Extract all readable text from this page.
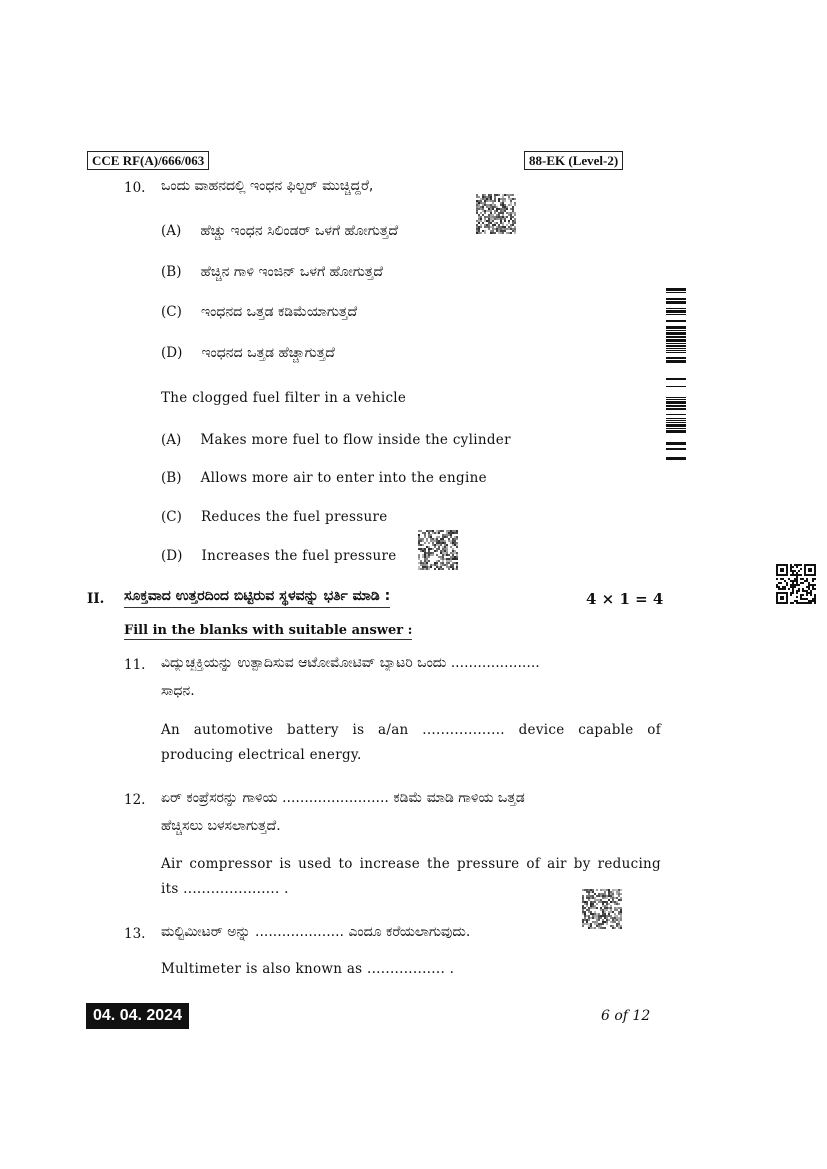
CCE RF(A)/666/063	88-EK (Level-2)
10. ಒಂದು ವಾಹನದಲ್ಲಿ ಇಂಧನ ಫಿಲ್ಟರ್ ಮುಚ್ಚಿದ್ದರೆ,
(A) ಹೆಚ್ಚು ಇಂಧನ ಸಿಲಿಂಡರ್ ಒಳಗೆ ಹೋಗುತ್ತದೆ
(B) ಹೆಚ್ಚಿನ ಗಾಳಿ ಇಂಜಿನ್ ಒಳಗೆ ಹೋಗುತ್ತದೆ
(C) ಇಂಧನದ ಒತ್ತಡ ಕಡಿಮೆಯಾಗುತ್ತದೆ
(D) ಇಂಧನದ ಒತ್ತಡ ಹೆಚ್ಚಾಗುತ್ತದೆ
The clogged fuel filter in a vehicle
(A) Makes more fuel to flow inside the cylinder
(B) Allows more air to enter into the engine
(C) Reduces the fuel pressure
(D) Increases the fuel pressure
II. ಸೂಕ್ತವಾದ ಉತ್ತರದಿಂದ ಬಿಟ್ಟಿರುವ ಸ್ಥಳವನ್ನು ಭರ್ತಿ ಮಾಡಿ :	4 × 1 = 4
Fill in the blanks with suitable answer :
11. ವಿದ್ಯುಚ್ಛಕ್ತಿಯನ್ನು ಉತ್ಪಾದಿಸುವ ಆಟೋಮೋಟಿವ್ ಬ್ಯಾಟರಿ ಒಂದು ....................
ಸಾಧನ.
An automotive battery is a/an .................. device capable of
producing electrical energy.
12. ಏರ್ ಕಂಪ್ರೆಸರನ್ನು ಗಾಳಿಯ ........................ ಕಡಿಮೆ ಮಾಡಿ ಗಾಳಿಯ ಒತ್ತಡ
ಹೆಚ್ಚಿಸಲು ಬಳಸಲಾಗುತ್ತದೆ.
Air compressor is used to increase the pressure of air by reducing
its ..................... .
13. ಮಲ್ಟಿಮೀಟರ್ ಅನ್ನು .................... ಎಂದೂ ಕರೆಯಲಾಗುವುದು.
Multimeter is also known as ................. .
04. 04. 2024	6 of 12
